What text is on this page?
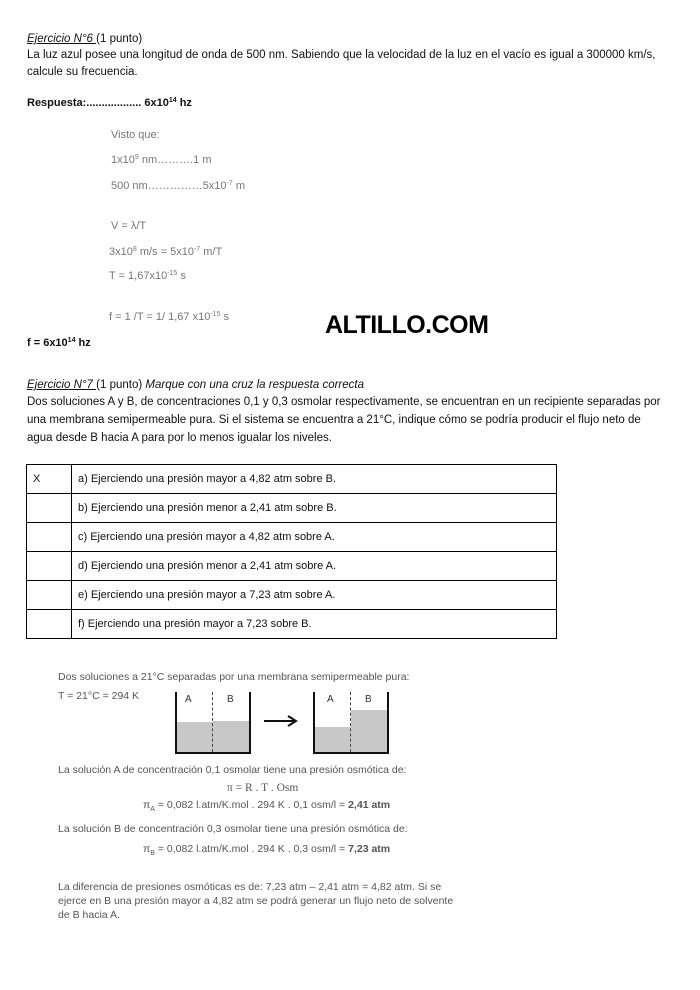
Ejercicio N°6 (1 punto)
La luz azul posee una longitud de onda de 500 nm. Sabiendo que la velocidad de la luz en el vacío es igual a 300000 km/s,
calcule su frecuencia.
Respuesta:.................. $6x10^{14}$ hz
Visto que:
$1x10^9$ nm……….1 m
500 $nm\dots\dots\dots\dots\dots 5x10^{-7}$ m
V = λ/T
$3x10^8$ $m/s = 5x10^{-7}$ m/T
$T = 1,67x10^{-15}$ s
f = 1 /T = 1/ 1,67 $x10^{-15}$ s	ALTILLO.COM
$f = 6x10^{14}$ hz
Ejercicio N°7 (1 punto) Marque con una cruz la respuesta correcta
Dos soluciones A y B, de concentraciones 0,1 y 0,3 osmolar respectivamente, se encuentran en un recipiente separadas por
una membrana semipermeable pura. Si el sistema se encuentra a 21°C, indique cómo se podría producir el flujo neto de
agua desde B hacia A para por lo menos igualar los niveles.
X	a) Ejerciendo una presión mayor a 4,82 atm sobre B.
	b) Ejerciendo una presión menor a 2,41 atm sobre B.
	c) Ejerciendo una presión mayor a 4,82 atm sobre A.
	d) Ejerciendo una presión menor a 2,41 atm sobre A.
	e) Ejerciendo una presión mayor a 7,23 atm sobre A.
	f) Ejerciendo una presión mayor a 7,23 sobre B.
Dos soluciones a 21°C separadas por una membrana semipermeable pura:
T = 21°C = 294 K	A	B	A	B
La solución A de concentración 0,1 osmolar tiene una presión osmótica de:
π = R . T . Osm
$\pi_A = 0,082$ l.atm/K.mol . 294 K . 0,1 osm/l = 2,41 atm
La solución B de concentración 0,3 osmolar tiene una presión osmótica de:
$\pi_B = 0,082$ l.atm/K.mol . 294 K . 0,3 osm/l = 7,23 atm
La diferencia de presiones osmóticas es de: 7,23 atm – 2,41 atm = 4,82 atm. Si se
ejerce en B una presión mayor a 4,82 atm se podrá generar un flujo neto de solvente
de B hacia A.
